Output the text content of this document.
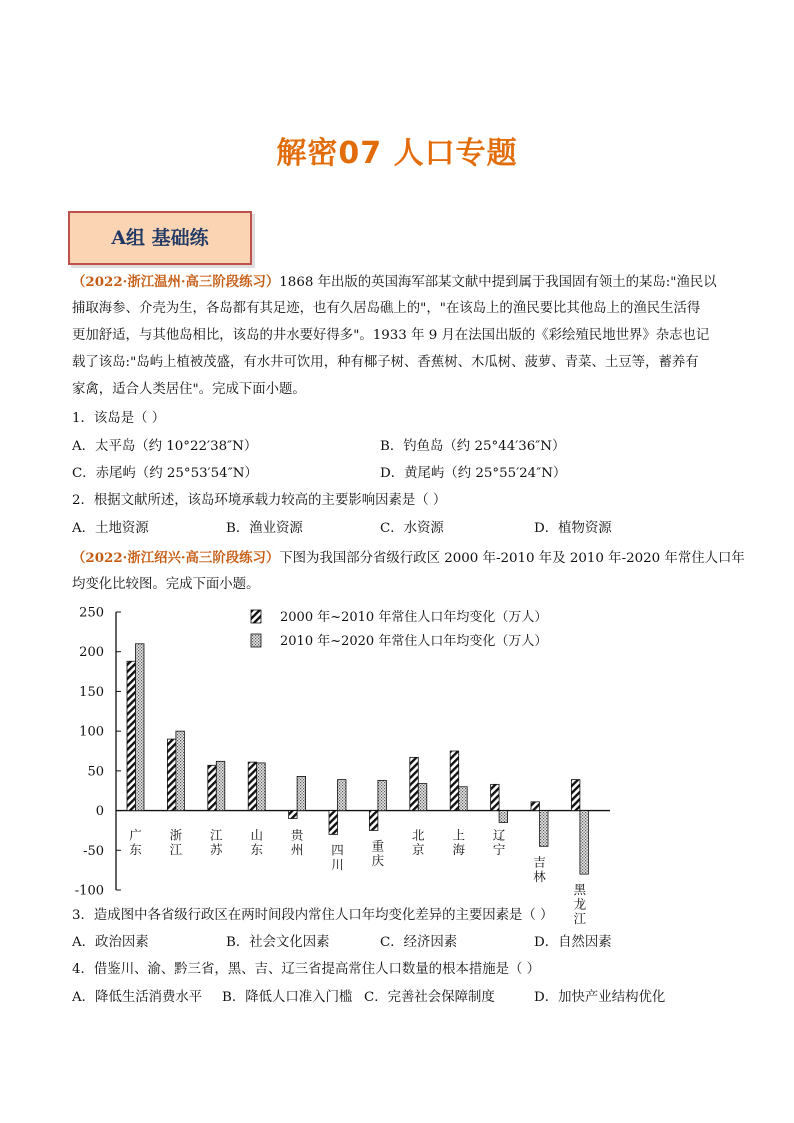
解密07 人口专题
A组 基础练
（2022·浙江温州·高三阶段练习）1868 年出版的英国海军部某文献中提到属于我国固有领土的某岛:"渔民以
捕取海参、介壳为生，各岛都有其足迹，也有久居岛礁上的"，"在该岛上的渔民要比其他岛上的渔民生活得
更加舒适，与其他岛相比，该岛的井水要好得多"。1933 年 9 月在法国出版的《彩绘殖民地世界》杂志也记
载了该岛:"岛屿上植被茂盛，有水井可饮用，种有椰子树、香蕉树、木瓜树、菠萝、青菜、土豆等，蓄养有
家禽，适合人类居住"。完成下面小题。
1．该岛是（ ）
A．太平岛（约 10°22′38″N）	B．钓鱼岛（约 25°44′36″N）
C．赤尾屿（约 25°53′54″N）	D．黄尾屿（约 25°55′24″N）
2．根据文献所述，该岛环境承载力较高的主要影响因素是（ ）
A．土地资源	B．渔业资源	C．水资源	D．植物资源
（2022·浙江绍兴·高三阶段练习）下图为我国部分省级行政区 2000 年-2010 年及 2010 年-2020 年常住人口年
均变化比较图。完成下面小题。
250
200
150
100
50
0
-50
-100
广东
浙江
江苏
山东
贵州 四川
重庆
北京
上海
辽宁
吉林
黑龙江
2000 年~2010 年常住人口年均变化（万人）
2010 年~2020 年常住人口年均变化（万人）
3．造成图中各省级行政区在两时间段内常住人口年均变化差异的主要因素是（ ）
A．政治因素	B．社会文化因素	C．经济因素	D．自然因素
4．借鉴川、渝、黔三省，黑、吉、辽三省提高常住人口数量的根本措施是（ ）
A．降低生活消费水平 B．降低人口准入门槛 C．完善社会保障制度	D．加快产业结构优化
